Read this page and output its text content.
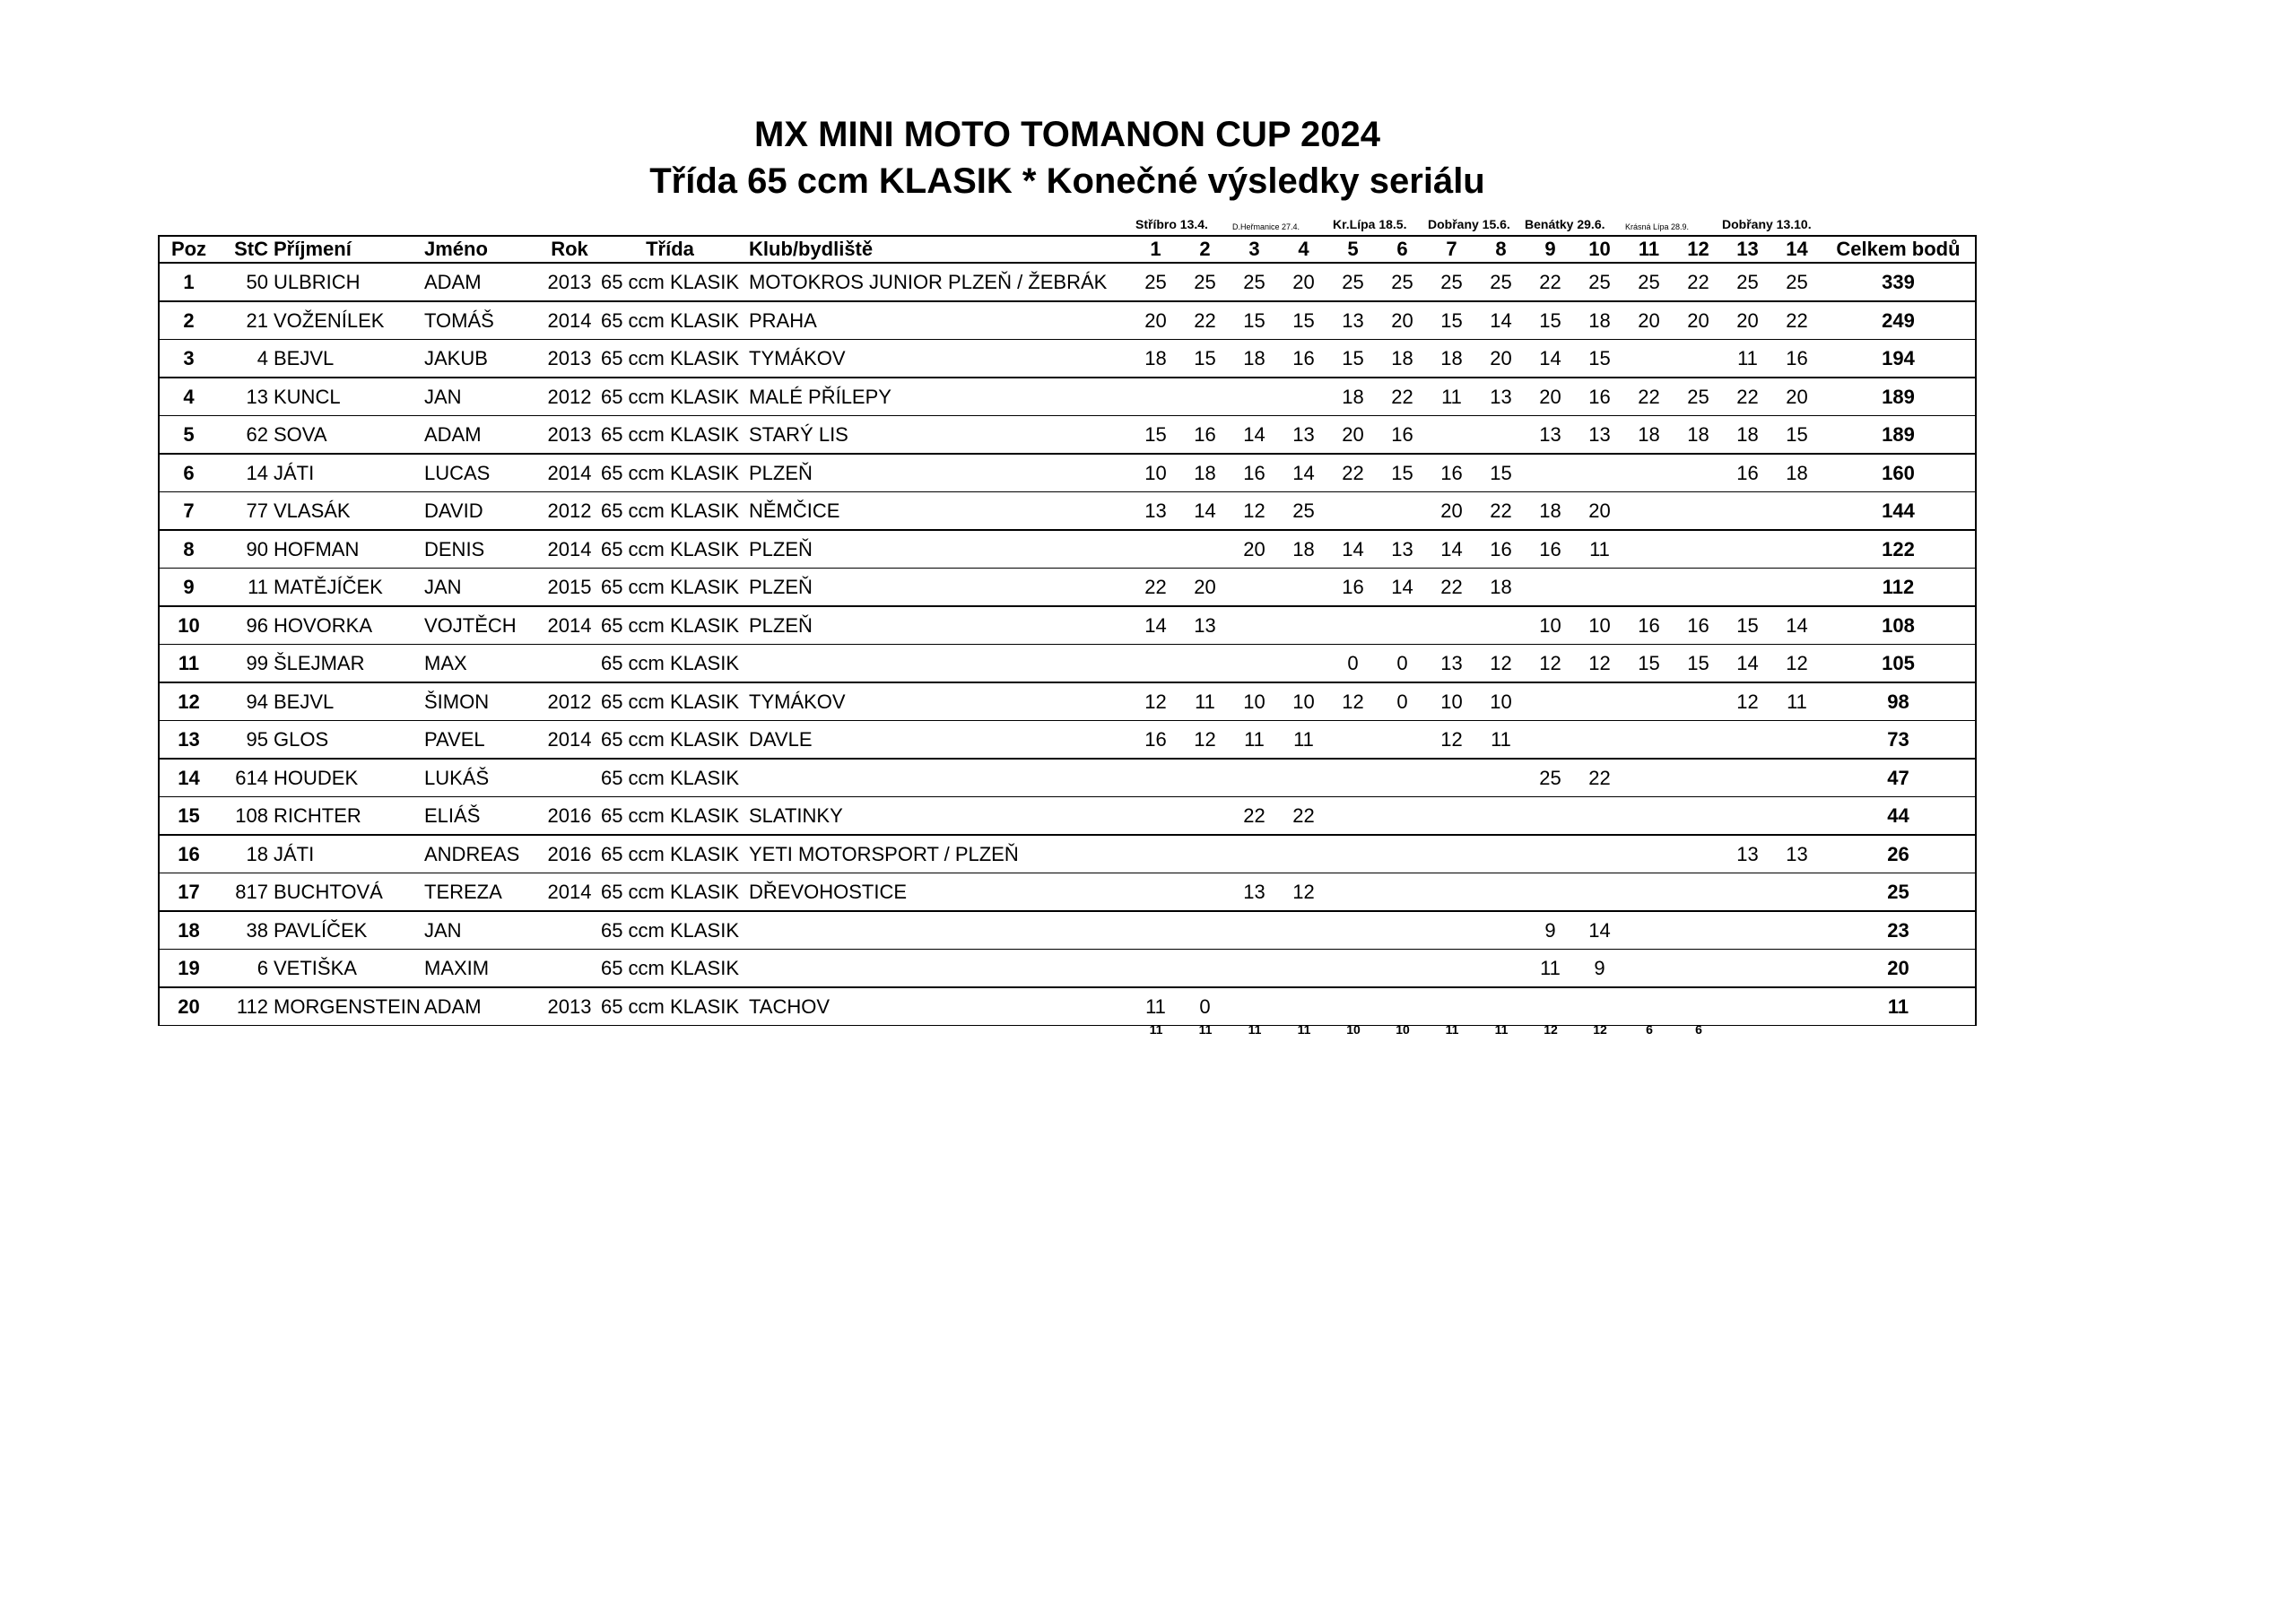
MX MINI MOTO TOMANON CUP 2024
Třída 65 ccm KLASIK * Konečné výsledky seriálu
Stříbro 13.4.	D.Heřmanice 27.4.	Kr.Lípa 18.5. Dobřany 15.6. Benátky 29.6.	Krásná Lípa 28.9.	Dobřany 13.10.
Poz	StC	Příjmení	Jméno	Rok	Třída	Klub/bydliště	1	2	3	4	5	6	7	8	9	10	11	12	13	14	Celkem bodů
1	50	ULBRICH	ADAM	2013	65 ccm KLASIK	MOTOKROS JUNIOR PLZEŇ / ŽEBRÁK	25	25	25	20	25	25	25	25	22	25	25	22	25	25	339
2	21	VOŽENÍLEK	TOMÁŠ	2014	65 ccm KLASIK	PRAHA	20	22	15	15	13	20	15	14	15	18	20	20	20	22	249
3	4	BEJVL	JAKUB	2013	65 ccm KLASIK	TYMÁKOV	18	15	18	16	15	18	18	20	14	15			11	16	194
4	13	KUNCL	JAN	2012	65 ccm KLASIK	MALÉ PŘÍLEPY					18	22	11	13	20	16	22	25	22	20	189
5	62	SOVA	ADAM	2013	65 ccm KLASIK	STARÝ LIS	15	16	14	13	20	16			13	13	18	18	18	15	189
6	14	JÁTI	LUCAS	2014	65 ccm KLASIK	PLZEŇ	10	18	16	14	22	15	16	15					16	18	160
7	77	VLASÁK	DAVID	2012	65 ccm KLASIK	NĚMČICE	13	14	12	25			20	22	18	20					144
8	90	HOFMAN	DENIS	2014	65 ccm KLASIK	PLZEŇ			20	18	14	13	14	16	16	11					122
9	11	MATĚJÍČEK	JAN	2015	65 ccm KLASIK	PLZEŇ	22	20			16	14	22	18							112
10	96	HOVORKA	VOJTĚCH	2014	65 ccm KLASIK	PLZEŇ	14	13							10	10	16	16	15	14	108
11	99	ŠLEJMAR	MAX		65 ccm KLASIK						0	0	13	12	12	12	15	15	14	12	105
12	94	BEJVL	ŠIMON	2012	65 ccm KLASIK	TYMÁKOV	12	11	10	10	12	0	10	10					12	11	98
13	95	GLOS	PAVEL	2014	65 ccm KLASIK	DAVLE	16	12	11	11			12	11							73
14	614	HOUDEK	LUKÁŠ		65 ccm KLASIK										25	22					47
15	108	RICHTER	ELIÁŠ	2016	65 ccm KLASIK	SLATINKY			22	22											44
16	18	JÁTI	ANDREAS	2016	65 ccm KLASIK	YETI MOTORSPORT / PLZEŇ													13	13	26
17	817	BUCHTOVÁ	TEREZA	2014	65 ccm KLASIK	DŘEVOHOSTICE			13	12											25
18	38	PAVLÍČEK	JAN		65 ccm KLASIK										9	14					23
19	6	VETIŠKA	MAXIM		65 ccm KLASIK										11	9					20
20	112	MORGENSTEIN	ADAM	2013	65 ccm KLASIK	TACHOV	11	0													11
11	11	11	11	10	10	11	11	12	12	6	6
